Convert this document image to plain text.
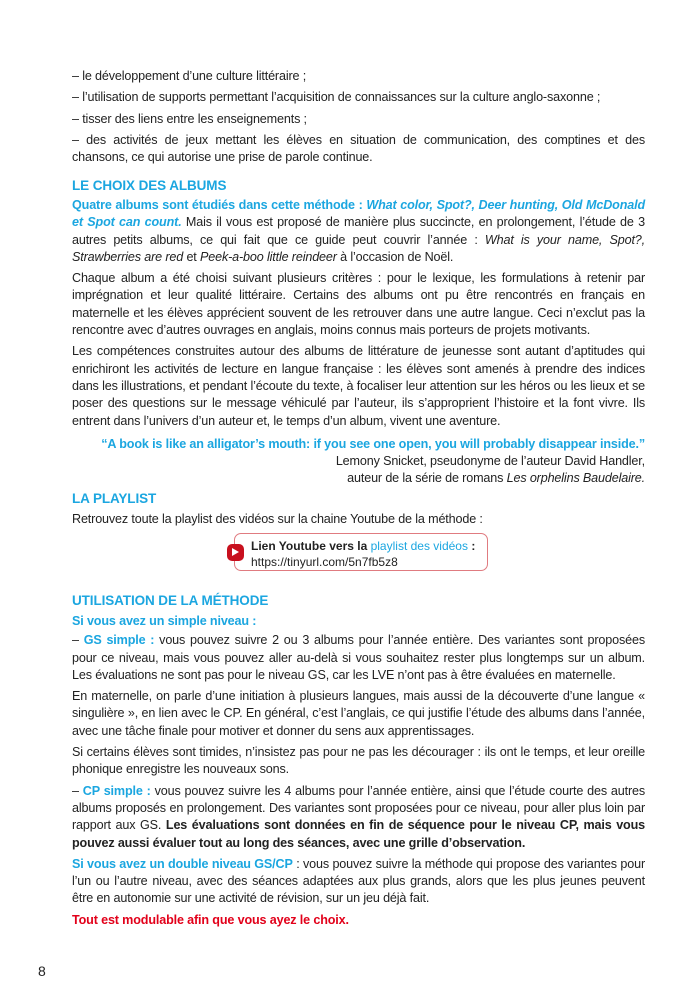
– le développement d’une culture littéraire ;

– l’utilisation de supports permettant l’acquisition de connaissances sur la culture anglo-saxonne ;

– tisser des liens entre les enseignements ;

– des activités de jeux mettant les élèves en situation de communication, des comptines et des chansons, ce qui autorise une prise de parole continue.

LE CHOIX DES ALBUMS

Quatre albums sont étudiés dans cette méthode : What color, Spot?, Deer hunting, Old McDonald et Spot can count. Mais il vous est proposé de manière plus succincte, en prolongement, l’étude de 3 autres petits albums, ce qui fait que ce guide peut couvrir l’année : What is your name, Spot?, Strawberries are red et Peek-a-boo little reindeer à l’occasion de Noël.

Chaque album a été choisi suivant plusieurs critères : pour le lexique, les formulations à retenir par imprégnation et leur qualité littéraire. Certains des albums ont pu être rencontrés en français en maternelle et les élèves apprécient souvent de les retrouver dans une autre langue. Ceci n’exclut pas la rencontre avec d’autres ouvrages en anglais, moins connus mais porteurs de projets motivants.

Les compétences construites autour des albums de littérature de jeunesse sont autant d’aptitudes qui enrichiront les activités de lecture en langue française : les élèves sont amenés à prendre des indices dans les illustrations, et pendant l’écoute du texte, à focaliser leur attention sur les héros ou les lieux et se poser des questions sur le message véhiculé par l’auteur, ils s’approprient l’histoire et la font vivre. Ils entrent dans l’univers d’un auteur et, le temps d’un album, vivent une aventure.

“A book is like an alligator’s mouth: if you see one open, you will probably disappear inside.”

Lemony Snicket, pseudonyme de l’auteur David Handler,

auteur de la série de romans Les orphelins Baudelaire.

LA PLAYLIST
Retrouvez toute la playlist des vidéos sur la chaine Youtube de la méthode :
Lien Youtube vers la playlist des vidéos :
https://tinyurl.com/5n7fb5z8
UTILISATION DE LA MÉTHODE

Si vous avez un simple niveau :

– GS simple : vous pouvez suivre 2 ou 3 albums pour l’année entière. Des variantes sont proposées pour ce niveau, mais vous pouvez aller au-delà si vous souhaitez rester plus longtemps sur un album. Les évaluations ne sont pas pour le niveau GS, car les LVE n’ont pas à être évaluées en maternelle.

En maternelle, on parle d’une initiation à plusieurs langues, mais aussi de la découverte d’une langue « singulière », en lien avec le CP. En général, c’est l’anglais, ce qui justifie l’étude des albums dans l’année, avec une tâche finale pour motiver et donner du sens aux apprentissages.

Si certains élèves sont timides, n’insistez pas pour ne pas les décourager : ils ont le temps, et leur oreille phonique enregistre les nouveaux sons.

– CP simple : vous pouvez suivre les 4 albums pour l’année entière, ainsi que l’étude courte des autres albums proposés en prolongement. Des variantes sont proposées pour ce niveau, pour aller plus loin par rapport aux GS. Les évaluations sont données en fin de séquence pour le niveau CP, mais vous pouvez aussi évaluer tout au long des séances, avec une grille d’observation.

Si vous avez un double niveau GS/CP : vous pouvez suivre la méthode qui propose des variantes pour l’un ou l’autre niveau, avec des séances adaptées aux plus grands, alors que les plus jeunes peuvent être en autonomie sur une activité de révision, sur un jeu déjà fait.

Tout est modulable afin que vous ayez le choix.

8
